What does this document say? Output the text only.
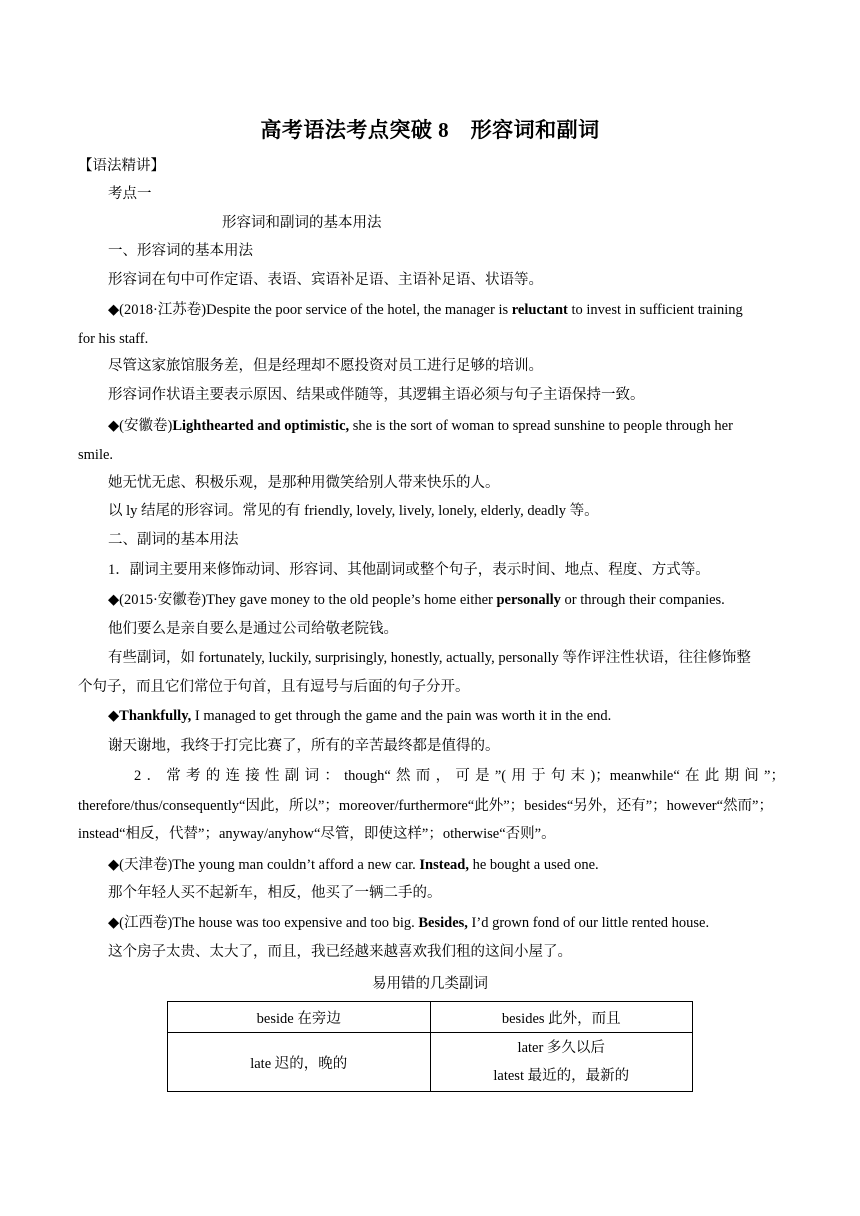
高考语法考点突破 8　形容词和副词
【语法精讲】
考点一
形容词和副词的基本用法
一、形容词的基本用法
形容词在句中可作定语、表语、宾语补足语、主语补足语、状语等。
◆(2018·江苏卷)Despite the poor service of the hotel, the manager is reluctant to invest in sufficient training
for his staff.
尽管这家旅馆服务差，但是经理却不愿投资对员工进行足够的培训。
形容词作状语主要表示原因、结果或伴随等，其逻辑主语必须与句子主语保持一致。
◆(安徽卷)Lighthearted and optimistic, she is the sort of woman to spread sunshine to people through her
smile.
她无忧无虑、积极乐观，是那种用微笑给别人带来快乐的人。
以 ly 结尾的形容词。常见的有 friendly, lovely, lively, lonely, elderly, deadly 等。
二、副词的基本用法
1．副词主要用来修饰动词、形容词、其他副词或整个句子，表示时间、地点、程度、方式等。
◆(2015·安徽卷)They gave money to the old people’s home either personally or through their companies.
他们要么是亲自要么是通过公司给敬老院钱。
有些副词，如 fortunately, luckily, surprisingly, honestly, actually, personally 等作评注性状语，往往修饰整
个句子，而且它们常位于句首，且有逗号与后面的句子分开。
◆Thankfully, I managed to get through the game and the pain was worth it in the end.
谢天谢地，我终于打完比赛了，所有的辛苦最终都是值得的。
2．常考的连接性副词：though“然而，可是”(用于句末)；meanwhile“在此期间”；
therefore/thus/consequently“因此，所以”；moreover/furthermore“此外”；besides“另外，还有”；however“然而”；
instead“相反，代替”；anyway/anyhow“尽管，即使这样”；otherwise“否则”。
◆(天津卷)The young man couldn’t afford a new car. Instead, he bought a used one.
那个年轻人买不起新车，相反，他买了一辆二手的。
◆(江西卷)The house was too expensive and too big. Besides, I’d grown fond of our little rented house.
这个房子太贵、太大了，而且，我已经越来越喜欢我们租的这间小屋了。
易用错的几类副词
beside 在旁边	besides 此外，而且
late 迟的，晚的	later 多久以后
latest 最近的，最新的
